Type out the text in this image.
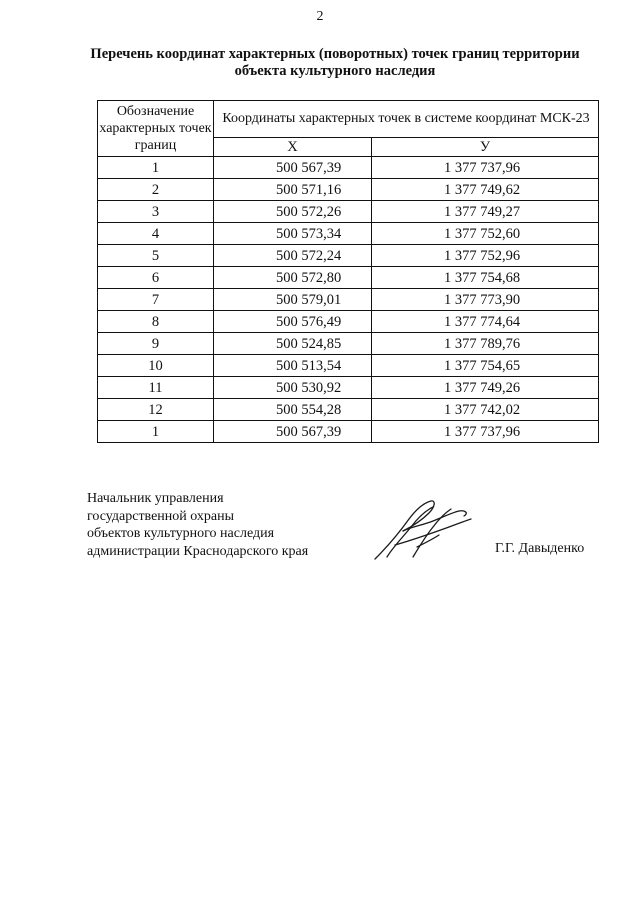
2
Перечень координат характерных (поворотных) точек границ территории
объекта культурного наследия
Обозначение характерных точек границ	Координаты характерных точек в системе координат МСК-23	
	X	У
1	500 567,39	1 377 737,96
2	500 571,16	1 377 749,62
3	500 572,26	1 377 749,27
4	500 573,34	1 377 752,60
5	500 572,24	1 377 752,96
6	500 572,80	1 377 754,68
7	500 579,01	1 377 773,90
8	500 576,49	1 377 774,64
9	500 524,85	1 377 789,76
10	500 513,54	1 377 754,65
11	500 530,92	1 377 749,26
12	500 554,28	1 377 742,02
1	500 567,39	1 377 737,96
Начальник управления
государственной охраны
объектов культурного наследия
администрации Краснодарского края	Г.Г. Давыденко
